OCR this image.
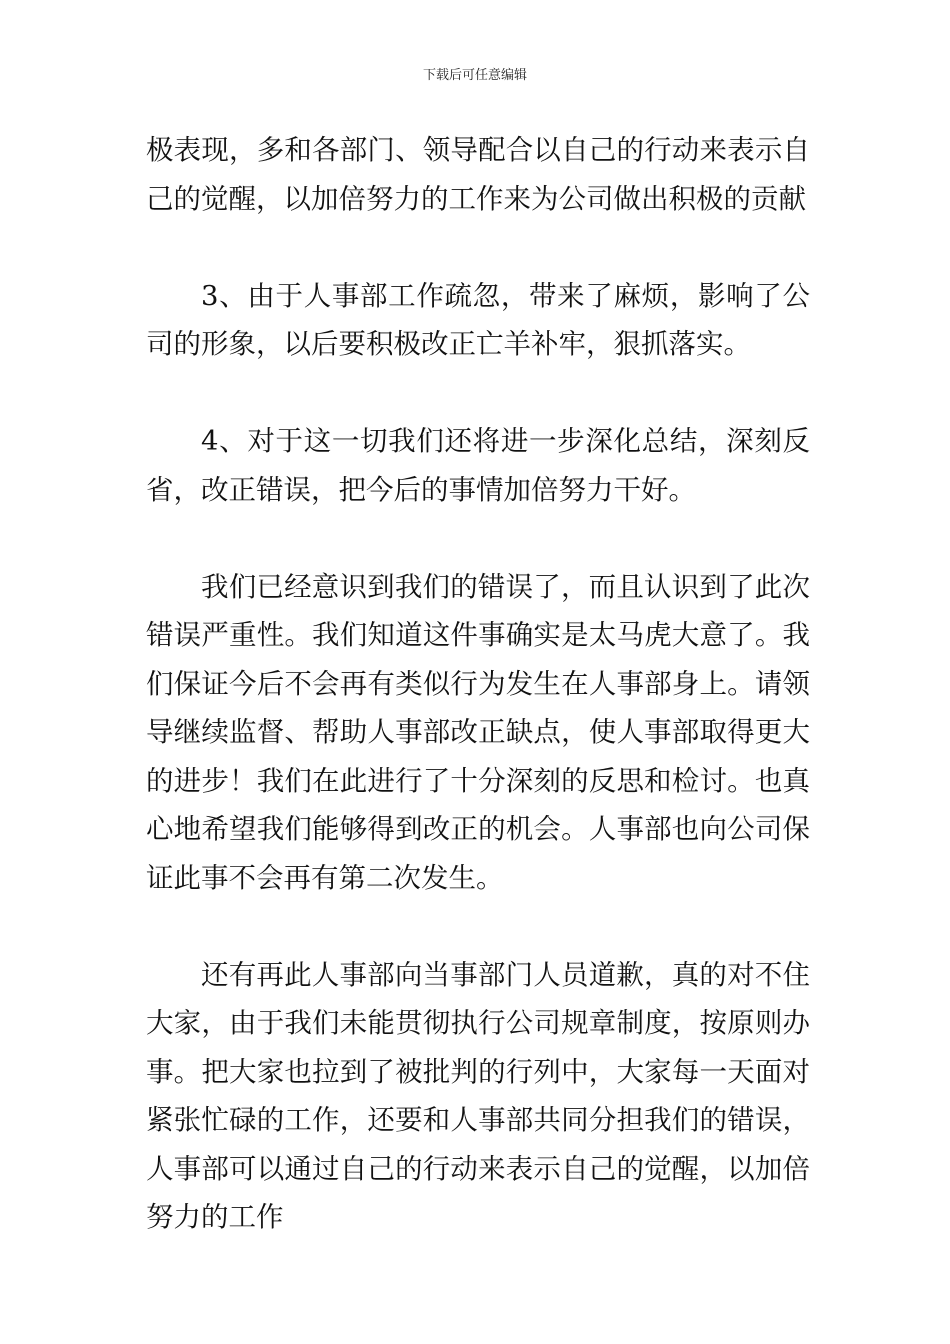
下载后可任意编辑

极表现，多和各部门、领导配合以自己的行动来表示自己的觉醒，以加倍努力的工作来为公司做出积极的贡献

3、由于人事部工作疏忽，带来了麻烦，影响了公司的形象，以后要积极改正亡羊补牢，狠抓落实。

4、对于这一切我们还将进一步深化总结，深刻反省，改正错误，把今后的事情加倍努力干好。

我们已经意识到我们的错误了，而且认识到了此次错误严重性。我们知道这件事确实是太马虎大意了。我们保证今后不会再有类似行为发生在人事部身上。请领导继续监督、帮助人事部改正缺点，使人事部取得更大的进步！我们在此进行了十分深刻的反思和检讨。也真心地希望我们能够得到改正的机会。人事部也向公司保证此事不会再有第二次发生。

还有再此人事部向当事部门人员道歉，真的对不住大家，由于我们未能贯彻执行公司规章制度，按原则办事。把大家也拉到了被批判的行列中，大家每一天面对紧张忙碌的工作，还要和人事部共同分担我们的错误，人事部可以通过自己的行动来表示自己的觉醒，以加倍努力的工作
